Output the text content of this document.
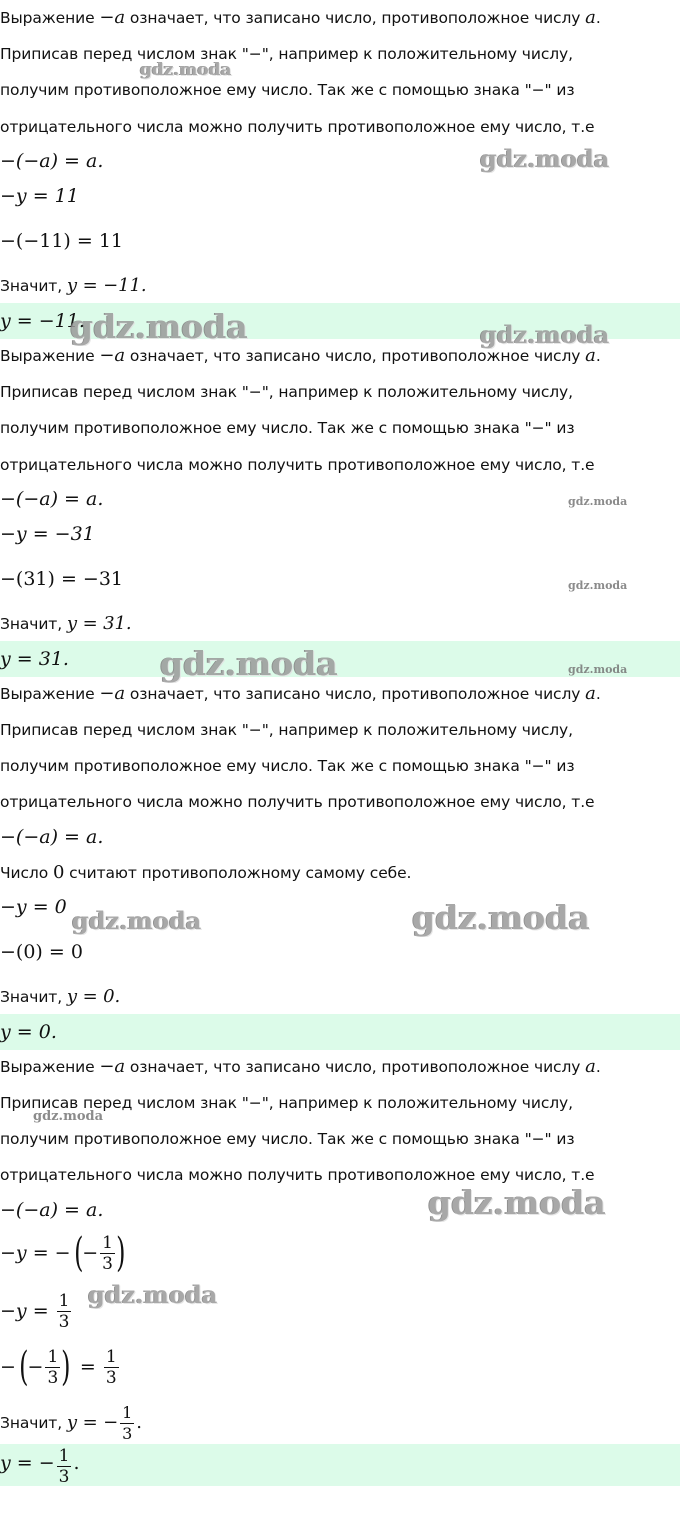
Выражение −a означает, что записано число, противоположное числу a.
Приписав перед числом знак "−", например к положительному числу,
получим противоположное ему число. Так же с помощью знака "−" из
отрицательного числа можно получить противоположное ему число, т.е
−(−a) = a.
−y = 11
−(−11) = 11
Значит, y = −11.
y = −11.
Выражение −a означает, что записано число, противоположное числу a.
Приписав перед числом знак "−", например к положительному числу,
получим противоположное ему число. Так же с помощью знака "−" из
отрицательного числа можно получить противоположное ему число, т.е
−(−a) = a.
−y = −31
−(31) = −31
Значит, y = 31.
y = 31.
Выражение −a означает, что записано число, противоположное числу a.
Приписав перед числом знак "−", например к положительному числу,
получим противоположное ему число. Так же с помощью знака "−" из
отрицательного числа можно получить противоположное ему число, т.е
−(−a) = a.
Число 0 считают противоположному самому себе.
−y = 0
−(0) = 0
Значит, y = 0.
y = 0.
Выражение −a означает, что записано число, противоположное числу a.
Приписав перед числом знак "−", например к положительному числу,
получим противоположное ему число. Так же с помощью знака "−" из
отрицательного числа можно получить противоположное ему число, т.е
−(−a) = a.
−y = − ( − $\frac{1}{3}$ )
$-y = \frac{1}{3}$
− ( − $\frac{1}{3}$ ) = $\frac{1}{3}$
Значит, y = − $\frac{1}{3}$ .
y = − $\frac{1}{3}$ .
gdz.moda
gdz.moda
gdz.moda	gdz.moda
gdz.moda
gdz.moda
gdz.moda	gdz.moda
gdz.moda	gdz.moda
gdz.moda
gdz.moda
gdz.moda
